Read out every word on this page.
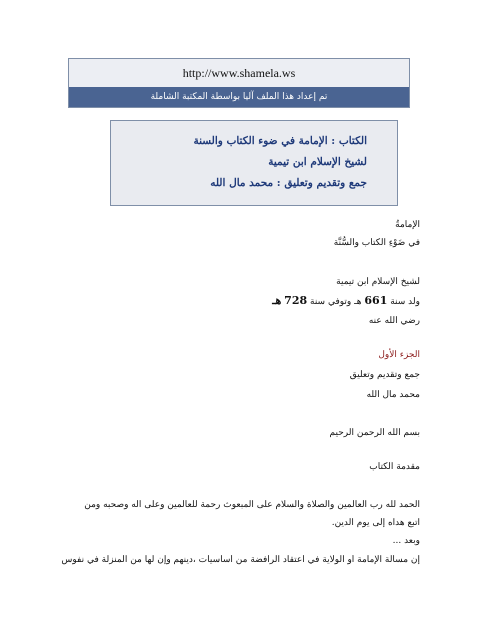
http://www.shamela.ws
تم إعداد هذا الملف آليا بواسطة المكتبة الشاملة
الكتاب : الإمامة في ضوء الكتاب والسنة
لشيخ الإسلام ابن تيمية
جمع وتقديم وتعليق : محمد مال الله
الإمامةُ
في ضَوْءِ الكتاب والسُّنَّة
لشيخ الإسلام ابن تيمية
ولد سنة 661 هـ وتوفي سنة 728 هـ
رضي الله عنه
الجزء الأول
جمع وتقديم وتعليق
محمد مال الله
بسم الله الرحمن الرحيم
مقدمة الكتاب
الحمد لله رب العالمين والصلاة والسلام على المبعوث رحمة للعالمين وعلى آله وصحبه ومن
اتبع هداه إلى يوم الدين.
وبعد ...
إن مسألة الإمامة أو الولاية في اعتقاد الرافضة من أساسيات ،دينهم وإن لها من المنزلة في نفوس
